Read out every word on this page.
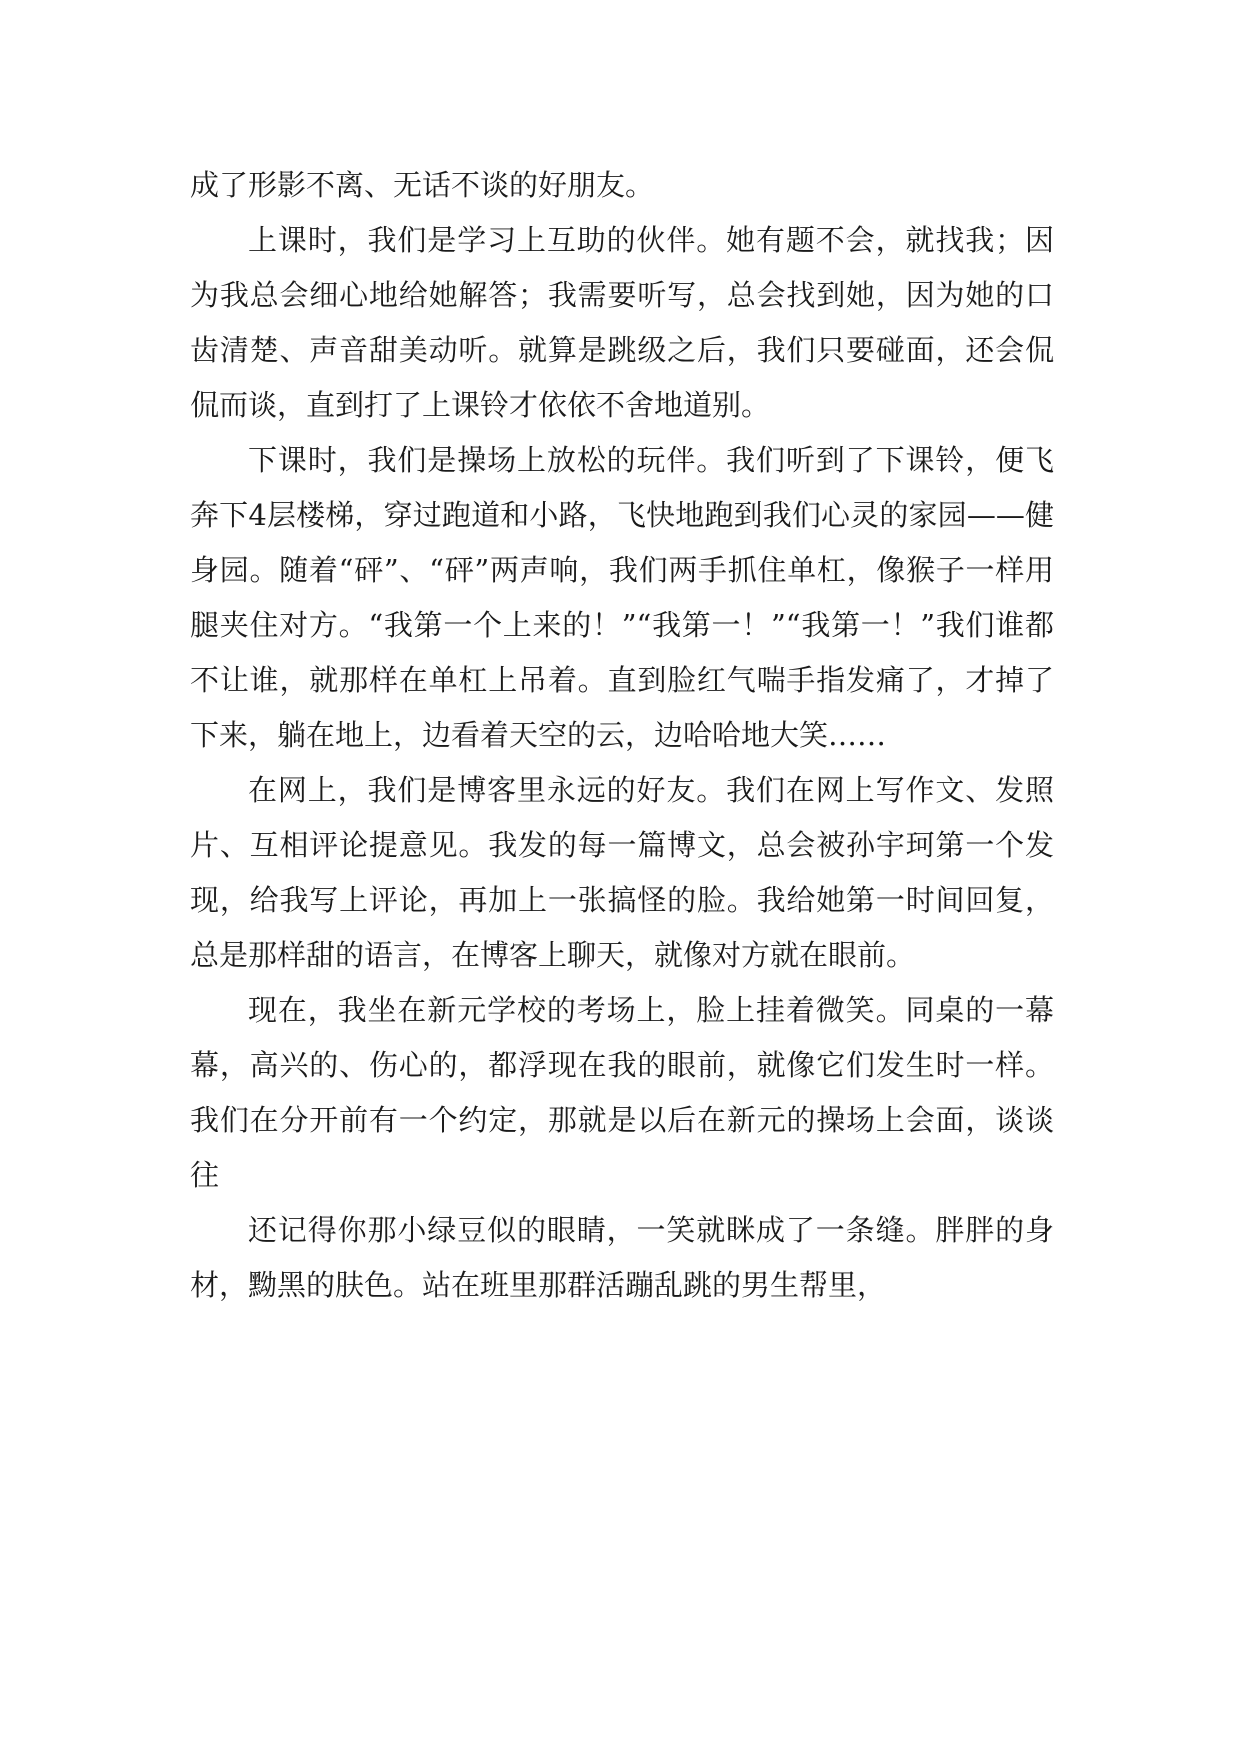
成了形影不离、无话不谈的好朋友。

上课时，我们是学习上互助的伙伴。她有题不会，就找我；因为我总会细心地给她解答；我需要听写，总会找到她，因为她的口齿清楚、声音甜美动听。就算是跳级之后，我们只要碰面，还会侃侃而谈，直到打了上课铃才依依不舍地道别。

下课时，我们是操场上放松的玩伴。我们听到了下课铃，便飞奔下4层楼梯，穿过跑道和小路，飞快地跑到我们心灵的家园——健身园。随着“砰”、“砰”两声响，我们两手抓住单杠，像猴子一样用腿夹住对方。“我第一个上来的！”“我第一！”“我第一！”我们谁都不让谁，就那样在单杠上吊着。直到脸红气喘手指发痛了，才掉了下来，躺在地上，边看着天空的云，边哈哈地大笑……

在网上，我们是博客里永远的好友。我们在网上写作文、发照片、互相评论提意见。我发的每一篇博文，总会被孙宇珂第一个发现，给我写上评论，再加上一张搞怪的脸。我给她第一时间回复，总是那样甜的语言，在博客上聊天，就像对方就在眼前。

现在，我坐在新元学校的考场上，脸上挂着微笑。同桌的一幕幕，高兴的、伤心的，都浮现在我的眼前，就像它们发生时一样。我们在分开前有一个约定，那就是以后在新元的操场上会面，谈谈往

还记得你那小绿豆似的眼睛，一笑就眯成了一条缝。胖胖的身材，黝黑的肤色。站在班里那群活蹦乱跳的男生帮里，
